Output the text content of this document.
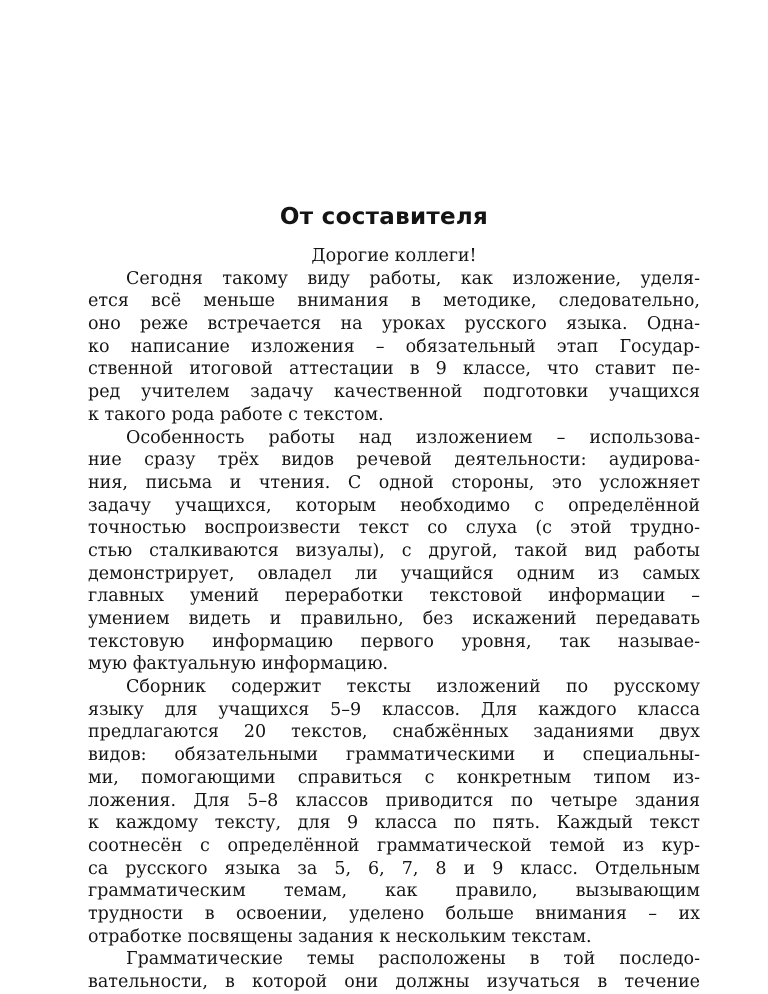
От составителя
Дорогие коллеги!
Сегодня такому виду работы, как изложение, уделя-
ется всё меньше внимания в методике, следовательно,
оно реже встречается на уроках русского языка. Одна-
ко написание изложения – обязательный этап Государ-
ственной итоговой аттестации в 9 классе, что ставит пе-
ред учителем задачу качественной подготовки учащихся
к такого рода работе с текстом.
Особенность работы над изложением – использова-
ние сразу трёх видов речевой деятельности: аудирова-
ния, письма и чтения. С одной стороны, это усложняет
задачу учащихся, которым необходимо с определённой
точностью воспроизвести текст со слуха (с этой трудно-
стью сталкиваются визуалы), с другой, такой вид работы
демонстрирует, овладел ли учащийся одним из самых
главных умений переработки текстовой информации –
умением видеть и правильно, без искажений передавать
текстовую информацию первого уровня, так называе-
мую фактуальную информацию.
Сборник содержит тексты изложений по русскому
языку для учащихся 5–9 классов. Для каждого класса
предлагаются 20 текстов, снабжённых заданиями двух
видов: обязательными грамматическими и специальны-
ми, помогающими справиться с конкретным типом из-
ложения. Для 5–8 классов приводится по четыре здания
к каждому тексту, для 9 класса по пять. Каждый текст
соотнесён с определённой грамматической темой из кур-
са русского языка за 5, 6, 7, 8 и 9 класс. Отдельным
грамматическим темам, как правило, вызывающим
трудности в освоении, уделено больше внимания – их
отработке посвящены задания к нескольким текстам.
Грамматические темы расположены в той последо-
вательности, в которой они должны изучаться в течение
